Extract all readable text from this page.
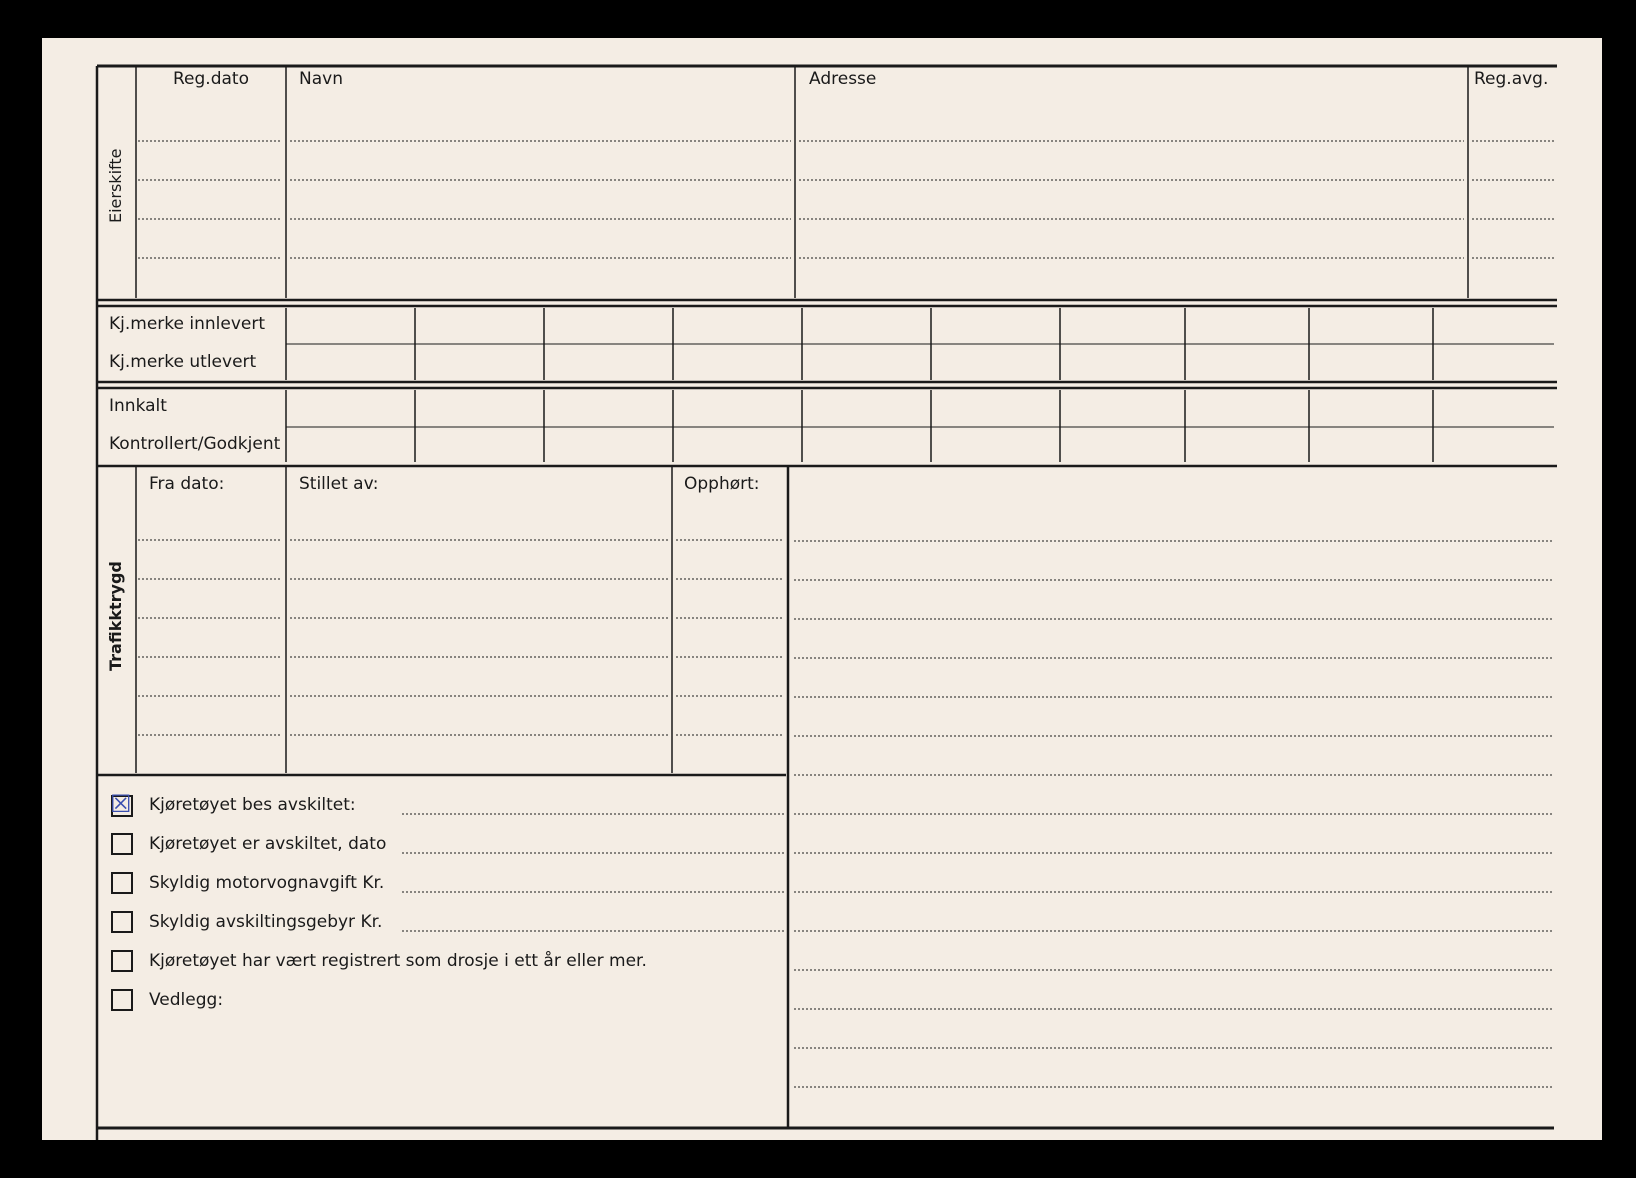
Eierskifte
Reg.dato	Navn	Adresse	Reg.avg.
Kj.merke innlevert
Kj.merke utlevert
Innkalt
Kontrollert/Godkjent
Trafikktrygd
Fra dato:	Stillet av:	Opphørt:
☒ Kjøretøyet bes avskiltet:
Kjøretøyet er avskiltet, dato
Skyldig motorvognavgift Kr.
Skyldig avskiltingsgebyr Kr.
Kjøretøyet har vært registrert som drosje i ett år eller mer.
Vedlegg:
